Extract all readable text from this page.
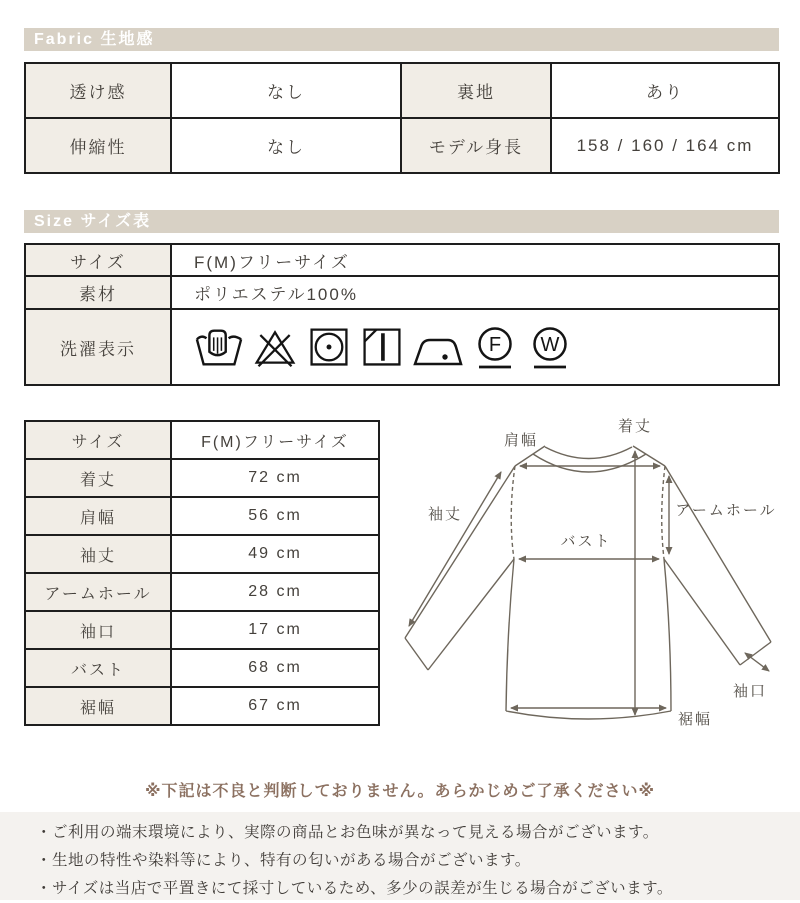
Fabric 生地感
透け感	なし	裏地	あり
伸縮性	なし	モデル身長	158 / 160 / 164 cm
Size サイズ表
サイズ	F(M)フリーサイズ
素材	ポリエステル100%
洗濯表示	F W
サイズ	F(M)フリーサイズ
着丈	72 cm
肩幅	56 cm
袖丈	49 cm
アームホール	28 cm
袖口	17 cm
バスト	68 cm
裾幅	67 cm
着丈
肩幅
袖丈	アームホール
バスト
袖口
裾幅
※下記は不良と判断しておりません。あらかじめご了承ください※
・ご利用の端末環境により、実際の商品とお色味が異なって見える場合がございます。
・生地の特性や染料等により、特有の匂いがある場合がございます。
・サイズは当店で平置きにて採寸しているため、多少の誤差が生じる場合がございます。
